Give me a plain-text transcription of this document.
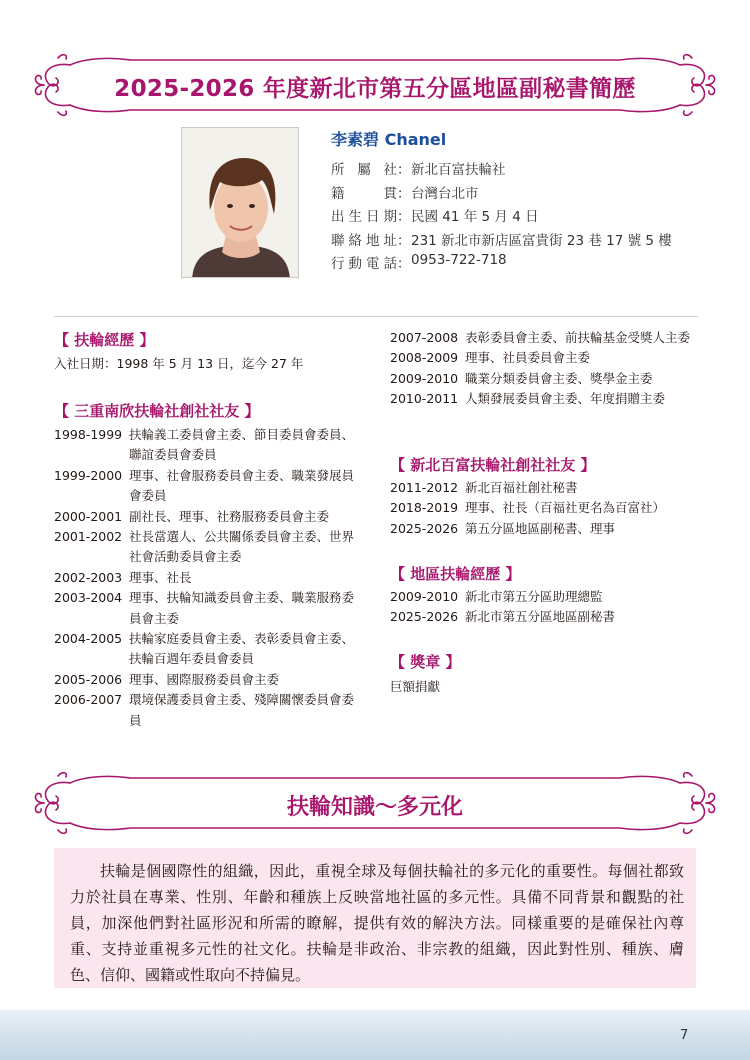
2025-2026 年度新北市第五分區地區副秘書簡歷
李素碧 Chanel
所屬社 ： 新北百富扶輪社
籍貫 ： 台灣台北市
出生日期 ： 民國 41 年 5 月 4 日
聯絡地址 ： 231 新北市新店區富貴街 23 巷 17 號 5 樓
行動電話 ： 0953-722-718
【 扶輪經歷 】
入社日期：1998 年 5 月 13 日，迄今 27 年
【 三重南欣扶輪社創社社友 】
1998-1999 扶輪義工委員會主委、節目委員會委員、聯誼委員會委員
1999-2000 理事、社會服務委員會主委、職業發展員會委員
2000-2001 副社長、理事、社務服務委員會主委
2001-2002 社長當選人、公共關係委員會主委、世界社會活動委員會主委
2002-2003 理事、社長
2003-2004 理事、扶輪知識委員會主委、職業服務委員會主委
2004-2005 扶輪家庭委員會主委、表彰委員會主委、扶輪百週年委員會委員
2005-2006 理事、國際服務委員會主委
2006-2007 環境保護委員會主委、殘障關懷委員會委員
2007-2008 表彰委員會主委、前扶輪基金受獎人主委
2008-2009 理事、社員委員會主委
2009-2010 職業分類委員會主委、獎學金主委
2010-2011 人類發展委員會主委、年度捐贈主委
【 新北百富扶輪社創社社友 】
2011-2012 新北百福社創社秘書
2018-2019 理事、社長（百福社更名為百富社）
2025-2026 第五分區地區副秘書、理事
【 地區扶輪經歷 】
2009-2010 新北市第五分區助理總監
2025-2026 新北市第五分區地區副秘書
【 獎章 】
巨額捐獻
扶輪知識～多元化

扶輪是個國際性的組織，因此，重視全球及每個扶輪社的多元化的重要性。每個社都致力於社員在專業、性別、年齡和種族上反映當地社區的多元性。具備不同背景和觀點的社員，加深他們對社區形況和所需的瞭解，提供有效的解決方法。同樣重要的是確保社內尊重、支持並重視多元性的社文化。扶輪是非政治、非宗教的組織，因此對性別、種族、膚色、信仰、國籍或性取向不持偏見。

7
